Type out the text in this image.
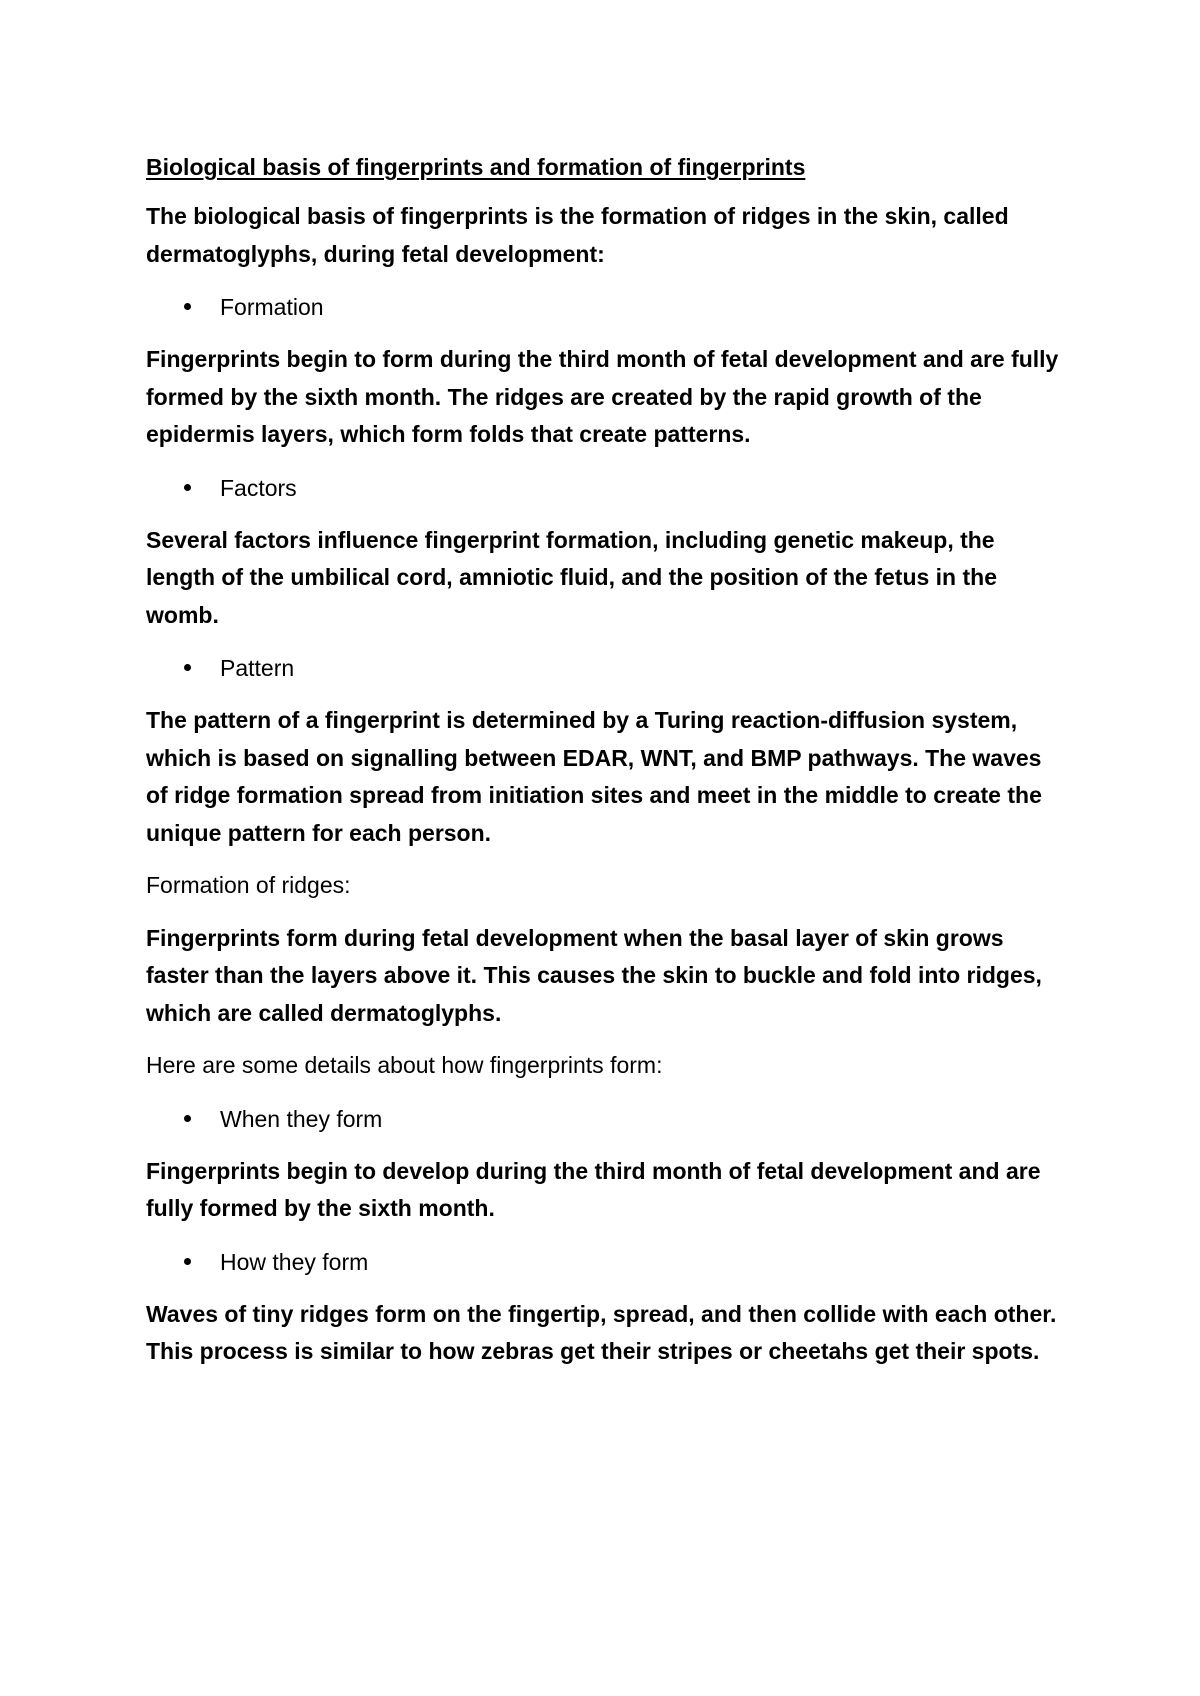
Biological basis of fingerprints and formation of fingerprints
The biological basis of fingerprints is the formation of ridges in the skin, called dermatoglyphs, during fetal development:
Formation
Fingerprints begin to form during the third month of fetal development and are fully formed by the sixth month. The ridges are created by the rapid growth of the epidermis layers, which form folds that create patterns.
Factors
Several factors influence fingerprint formation, including genetic makeup, the length of the umbilical cord, amniotic fluid, and the position of the fetus in the womb.
Pattern
The pattern of a fingerprint is determined by a Turing reaction-diffusion system, which is based on signalling between EDAR, WNT, and BMP pathways. The waves of ridge formation spread from initiation sites and meet in the middle to create the unique pattern for each person.
Formation of ridges:
Fingerprints form during fetal development when the basal layer of skin grows faster than the layers above it. This causes the skin to buckle and fold into ridges, which are called dermatoglyphs.
Here are some details about how fingerprints form:
When they form
Fingerprints begin to develop during the third month of fetal development and are fully formed by the sixth month.
How they form
Waves of tiny ridges form on the fingertip, spread, and then collide with each other. This process is similar to how zebras get their stripes or cheetahs get their spots.
